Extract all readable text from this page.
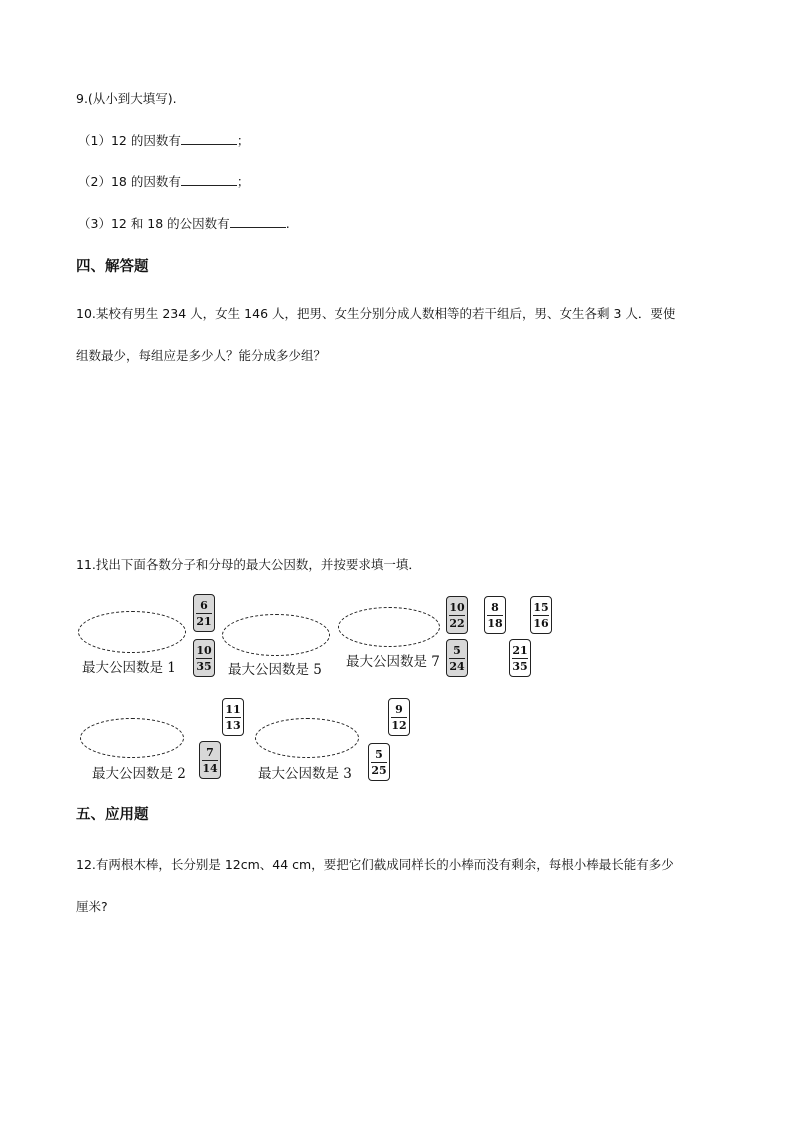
9.(从小到大填写).
（1）12 的因数有	；
（2）18 的因数有	；
（3）12 和 18 的公因数有	.
四、解答题
10.某校有男生 234 人，女生 146 人，把男、女生分别分成人数相等的若干组后，男、女生各剩 3 人．要使
组数最少，每组应是多少人？能分成多少组？
11.找出下面各数分子和分母的最大公因数，并按要求填一填．
最大公因数是 1	最大公因数是 5 最大公因数是 7
最大公因数是 2	最大公因数是 3
6
21
10
35
10
22
5
24
8
18
15
16
21
35
11
13
7
14
9
12
5
25
五、应用题
12.有两根木棒，长分别是 12cm、44 cm，要把它们截成同样长的小棒而没有剩余，每根小棒最长能有多少
厘米?
